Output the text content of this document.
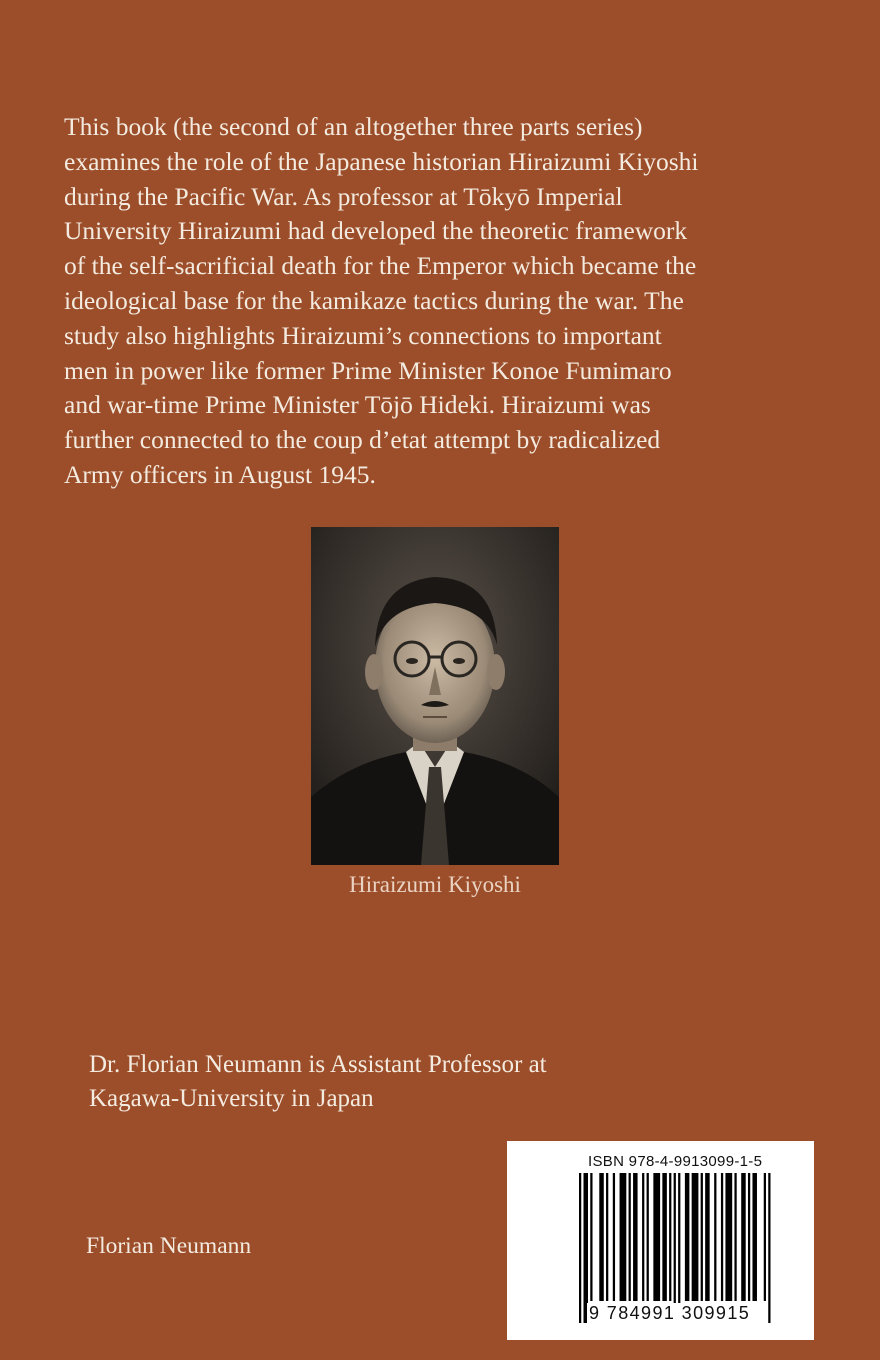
This book (the second of an altogether three parts series)
examines the role of the Japanese historian Hiraizumi Kiyoshi
during the Pacific War. As professor at Tōkyō Imperial
University Hiraizumi had developed the theoretic framework
of the self-sacrificial death for the Emperor which became the
ideological base for the kamikaze tactics during the war. The
study also highlights Hiraizumi’s connections to important
men in power like former Prime Minister Konoe Fumimaro
and war-time Prime Minister Tōjō Hideki. Hiraizumi was
further connected to the coup d’etat attempt by radicalized
Army officers in August 1945.

Hiraizumi Kiyoshi
Dr. Florian Neumann is Assistant Professor at
Kagawa-University in Japan
Florian Neumann
ISBN 978-4-9913099-1-5
9 784991 309915
